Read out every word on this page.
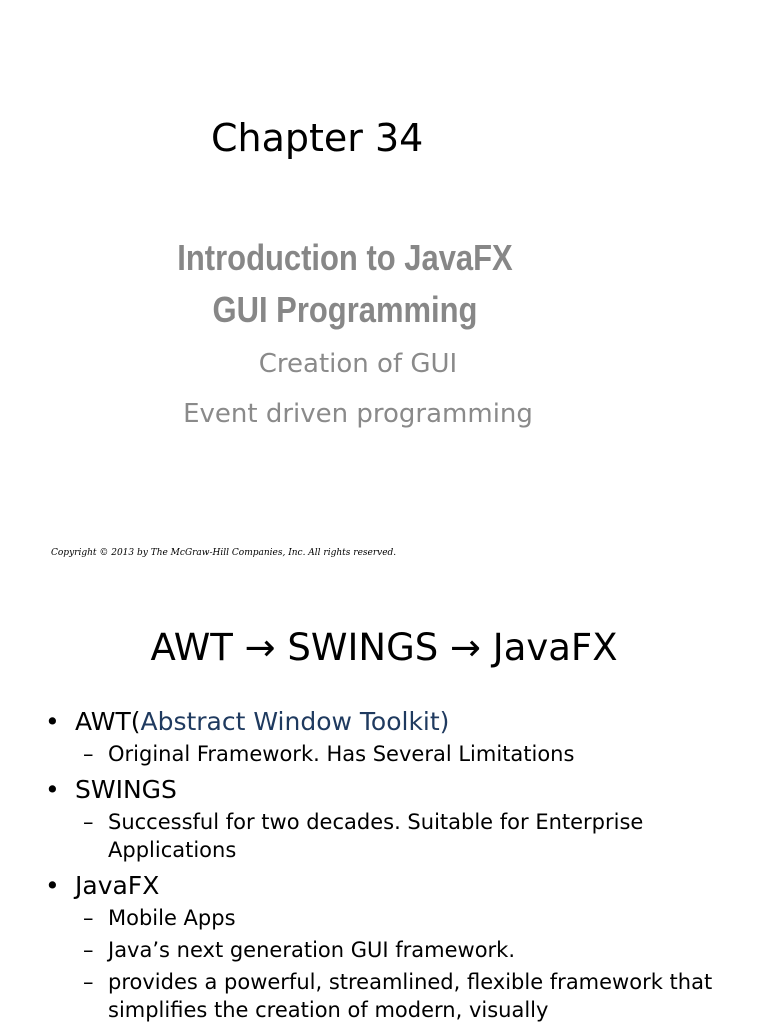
Chapter 34
Introduction to JavaFX
GUI Programming
Creation of GUI
Event driven programming
Copyright © 2013 by The McGraw-Hill Companies, Inc. All rights reserved.
AWT → SWINGS → JavaFX
• AWT(Abstract Window Toolkit)
– Original Framework. Has Several Limitations
• SWINGS
– Successful for two decades. Suitable for Enterprise Applications
• JavaFX
– Mobile Apps
– Java’s next generation GUI framework.
– provides a powerful, streamlined, flexible framework that simplifies the creation of modern, visually
